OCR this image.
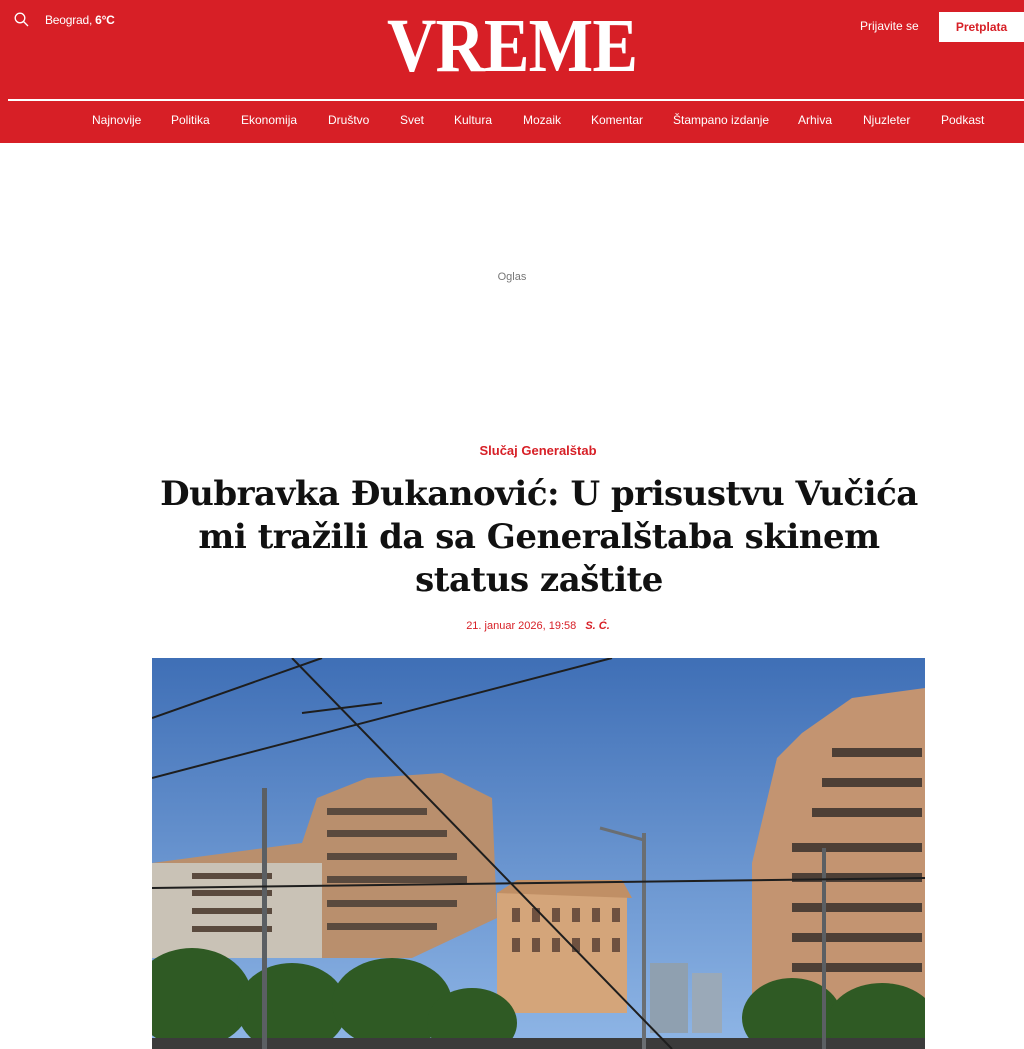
Beograd, 6°C	VREME	Prijavite se	Pretplata
Najnovije Politika	Ekonomija	Društvo	Svet Kultura	Mozaik Komentar Štampano izdanje Arhiva	Njuzleter	Podkast
Oglas
Slučaj Generalštab
Dubravka Đukanović: U prisustvu Vučića mi tražili da sa Generalštaba skinem status zaštite
21. januar 2026, 19:58 S. Ć.
